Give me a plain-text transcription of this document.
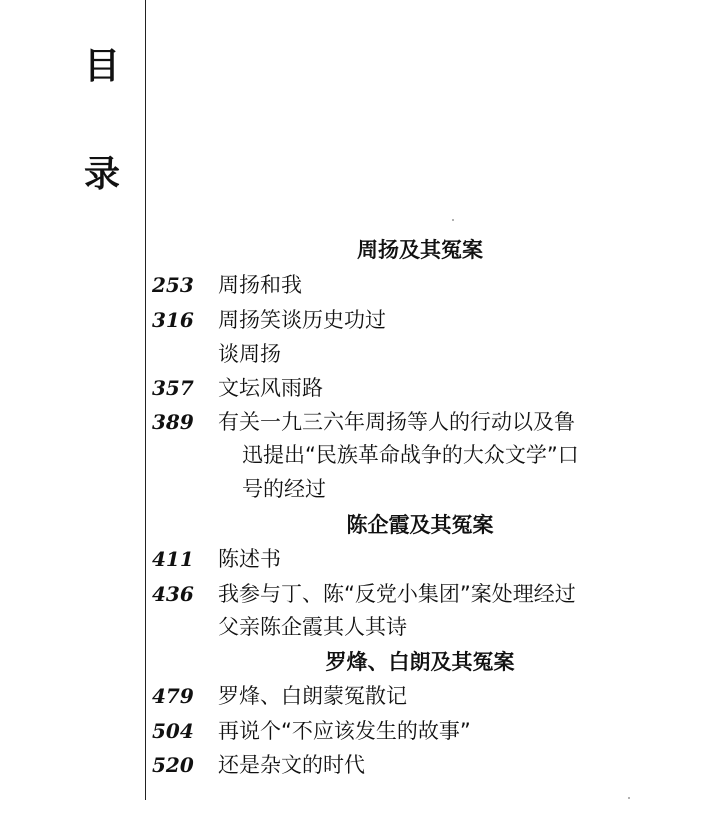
目
录
周扬及其冤案
253 周扬和我
316 周扬笑谈历史功过
谈周扬
357 文坛风雨路
389 有关一九三六年周扬等人的行动以及鲁
迅提出“民族革命战争的大众文学”口
号的经过
陈企霞及其冤案
411 陈述书
436 我参与丁、陈“反党小集团”案处理经过
父亲陈企霞其人其诗
罗烽、白朗及其冤案
479 罗烽、白朗蒙冤散记
504 再说个“不应该发生的故事”
520 还是杂文的时代
